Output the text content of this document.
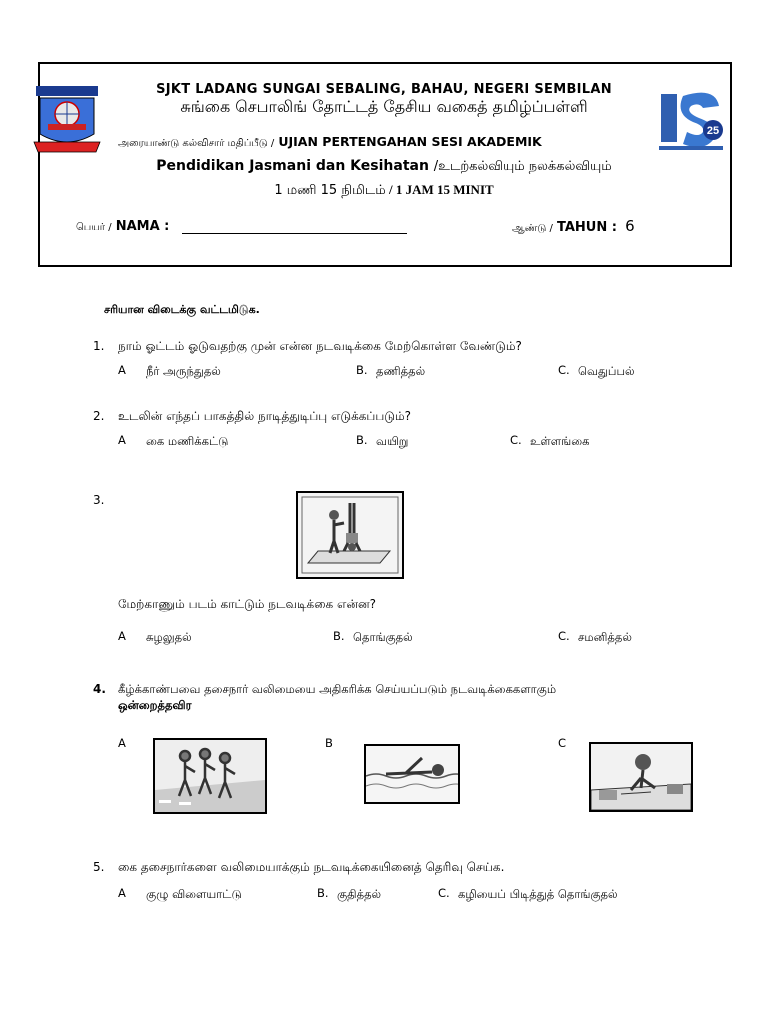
25
SJKT LADANG SUNGAI SEBALING, BAHAU, NEGERI SEMBILAN
சுங்கை செபாலிங் தோட்டத் தேசிய வகைத் தமிழ்ப்பள்ளி
அரையாண்டு கல்விசார் மதிப்பீடு / UJIAN PERTENGAHAN SESI AKADEMIK
Pendidikan Jasmani dan Kesihatan /உடற்கல்வியும் நலக்கல்வியும்
1 மணி 15 நிமிடம் / 1 JAM 15 MINIT
பெயர் / NAMA :	ஆண்டு / TAHUN : 6
சரியான விடைக்கு வட்டமிடுக.
1. நாம் ஓட்டம் ஓடுவதற்கு முன் என்ன நடவடிக்கை மேற்கொள்ள வேண்டும்?
A நீர் அருந்துதல்	B. தணித்தல்	C. வெதுப்பல்
2. உடலின் எந்தப் பாகத்தில் நாடித்துடிப்பு எடுக்கப்படும்?
A கை மணிக்கட்டு	B. வயிறு	C. உள்ளங்கை
3.
மேற்காணும் படம் காட்டும் நடவடிக்கை என்ன?
A சுழலுதல்	B. தொங்குதல்	C. சமனித்தல்
4. கீழ்க்காண்பவை தசைநார் வலிமையை அதிகரிக்க செய்யப்படும் நடவடிக்கைகளாகும்
ஒன்றைத்தவிர
A	B	C
5. கை தசைநார்களை வலிமையாக்கும் நடவடிக்கையினைத் தெரிவு செய்க.
A குழு விளையாட்டு	B. குதித்தல்	C. கழியைப் பிடித்துத் தொங்குதல்
